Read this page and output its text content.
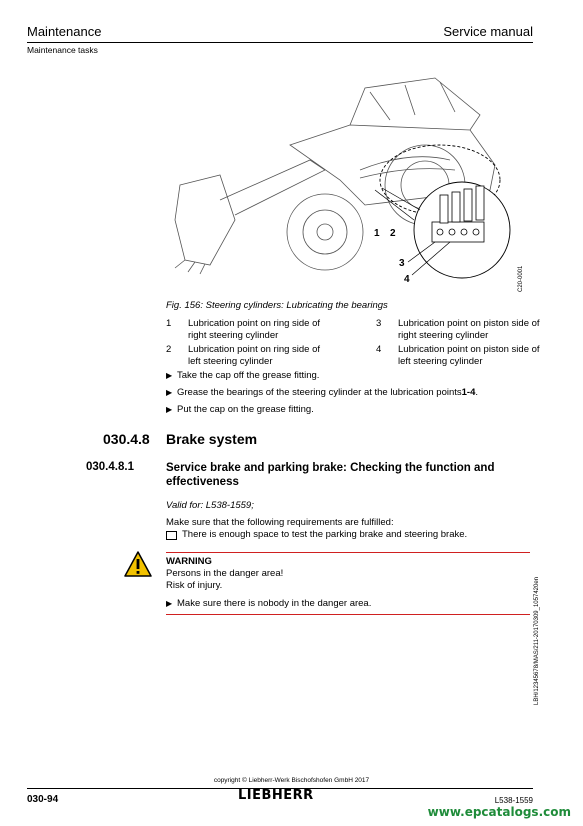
Maintenance	Service manual
Maintenance tasks
1 2
3
4	C20-0001
Fig. 156: Steering cylinders: Lubricating the bearings
1	Lubrication point on ring side of
right steering cylinder
3	Lubrication point on piston side of
right steering cylinder
2	Lubrication point on ring side of
left steering cylinder
4	Lubrication point on piston side of
left steering cylinder
▶ Take the cap off the grease fitting.
▶ Grease the bearings of the steering cylinder at the lubrication points 1-4 .
▶ Put the cap on the grease fitting.
030.4.8 Brake system
030.4.8.1	Service brake and parking brake: Checking the function and effectiveness
Valid for: L538-1559;
Make sure that the following requirements are fulfilled:
There is enough space to test the parking brake and steering brake.
WARNING
Persons in the danger area!
Risk of injury.
▶ Make sure there is nobody in the danger area.	LBH/12345678/MAS/211-20170309_1057420en
copyright © Liebherr-Werk Bischofshofen GmbH 2017
030-94	LIEBHERR	L538-1559
www.epcatalogs.com
